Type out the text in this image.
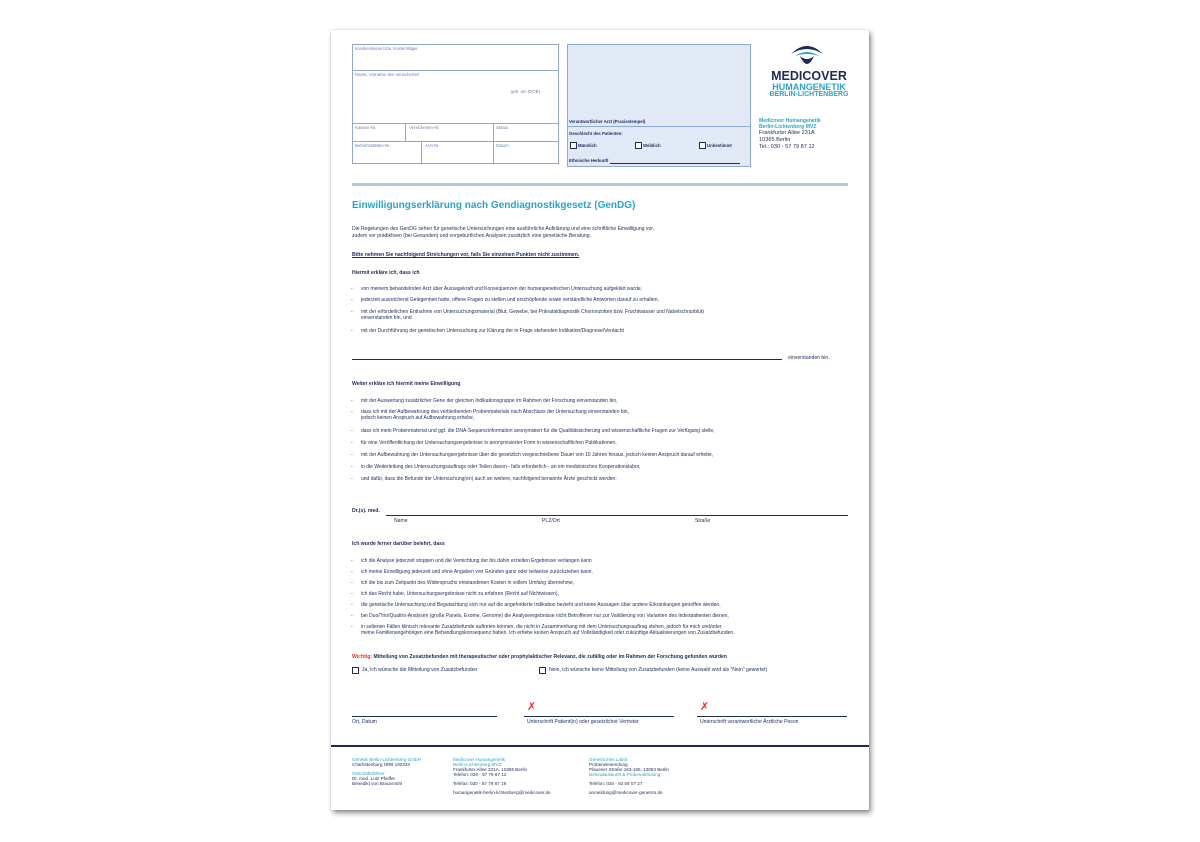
Krankenkasse bzw. Kostenträger
Name, Vorname des Versicherten
geb. am (DOB)
Kassen-Nr.	Versicherten-Nr.	Status
Betriebsstätten-Nr.	Arzt-Nr.	Datum
Verantwortlicher Arzt (Praxisstempel)
Geschlecht des Patienten:
Männlich	Weiblich	Unbestimmt
Ethnische Herkunft
MEDICOVER
HUMANGENETIK
BERLIN-LICHTENBERG
Medicover Humangenetik
Berlin-Lichtenberg MVZ
Frankfurter Allee 231A
10365 Berlin
Tel.: 030 - 57 79 87 12
Einwilligungserklärung nach Gendiagnostikgesetz (GenDG)
Die Regelungen des GenDG sehen für genetische Untersuchungen eine ausführliche Aufklärung und eine schriftliche Einwilligung vor,
zudem vor prädiktiven (bei Gesunden) und vorgeburtlichen Analysen zusätzlich eine genetische Beratung.
Bitte nehmen Sie nachfolgend Streichungen vor, falls Sie einzelnen Punkten nicht zustimmen.
Hiermit erkläre ich, dass ich
- von meinem behandelnden Arzt über Aussagekraft und Konsequenzen der humangenetischen Untersuchung aufgeklärt wurde,
- jederzeit ausreichend Gelegenheit hatte, offene Fragen zu stellen und erschöpfende sowie verständliche Antworten darauf zu erhalten,
- mit der erforderlichen Entnahme von Untersuchungsmaterial (Blut, Gewebe, bei Pränataldiagnostik Chorionzotten bzw. Fruchtwasser und Nabelschnurblut)
einverstanden bin, und
- mit der Durchführung der genetischen Untersuchung zur Klärung der in Frage stehenden Indikation/Diagnose/Verdacht
einverstanden bin.
Weiter erkläre ich hiermit meine Einwilligung
- mit der Auswertung zusätzlicher Gene der gleichen Indikationsgruppe im Rahmen der Forschung einverstanden bin,
- dass ich mit der Aufbewahrung des verbleibenden Probenmaterials nach Abschluss der Untersuchung einverstanden bin,
jedoch keinen Anspruch auf Aufbewahrung erhebe,
- dass ich mein Probenmaterial und ggf. die DNA-Sequenzinformation anonymisiert für die Qualitätssicherung und wissenschaftliche Fragen zur Verfügung stelle,
- für eine Veröffentlichung der Untersuchungsergebnisse in anonymisierter Form in wissenschaftlichen Publikationen,
- mit der Aufbewahrung der Untersuchungsergebnisse über die gesetzlich vorgeschriebene Dauer von 10 Jahren hinaus, jedoch keinen Anspruch darauf erhebe,
- in die Weiterleitung des Untersuchungsauftrags oder Teilen davon - falls erforderlich - an ein medizinisches Kooperationslabor,
- und dafür, dass die Befunde der Untersuchung(en) auch an weitere, nachfolgend benannte Ärzte geschickt werden:
Dr.(s). med.
Name	PLZ/Ort	Straße
Ich wurde ferner darüber belehrt, dass
- ich die Analyse jederzeit stoppen und die Vernichtung der bis dahin erzielten Ergebnisse verlangen kann
- ich meine Einwilligung jederzeit und ohne Angaben von Gründen ganz oder teilweise zurückziehen kann,
- ich die bis zum Zeitpunkt des Widerspruchs entstandenen Kosten in vollem Umfang übernehme,
- ich das Recht habe, Untersuchungsergebnisse nicht zu erfahren (Recht auf Nichtwissen),
- die genetische Untersuchung und Begutachtung sich nur auf die angeforderte Indikation bezieht und keine Aussagen über andere Erkrankungen getroffen werden,
- bei Duo/Trio/Quattro-Analysen (große Panels, Exome, Genome) die Analyseergebnisse nicht Betroffener nur zur Validierung von Varianten des Indexpatienten dienen,
- in seltenen Fällen klinisch relevante Zusatzbefunde auftreten können, die nicht in Zusammenhang mit dem Untersuchungsauftrag stehen, jedoch für mich und/oder
meine Familienangehörigen eine Behandlungskonsequenz haben. Ich erhebe keinen Anspruch auf Vollständigkeit oder zukünftige Aktualisierungen von Zusatzbefunden.
Wichtig: Mitteilung von Zusatzbefunden mit therapeutischer oder prophylaktischer Relevanz, die zufällig oder im Rahmen der Forschung gefunden wurden
Ja, ich wünsche die Mitteilung von Zusatzbefunden	Nein, ich wünsche keine Mitteilung von Zusatzbefunden (keine Auswahl wird als "Nein" gewertet)
Ort, Datum
✗
Unterschrift Patient(in) oder gesetzlicher Vertreter
✗
Unterschrift verantwortliche Ärztliche Peson
Genetik Berlin-Lichtenberg GmbH
Charlottenburg HRB 192333
Geschäftsführer
Dr. med. Lutz Pfeiffer
Benedikt von Braunmühl
Medicover Humangenetik
Berlin-Lichtenberg MVZ
Frankfurter Allee 231A, 10365 Berlin
Telefon: 030 - 57 79 87 12
Telefax: 030 - 57 79 87 19
humangenetik-berlin-lichtenberg@medicover.de
Genetisches Labor
Probeneinsendung
Plauener Straße 163-165, 13053 Berlin
Befundauskunft & Probenabholung:
Telefon: 030 - 92 09 07 27
anmeldung@medicover-genetics.de
